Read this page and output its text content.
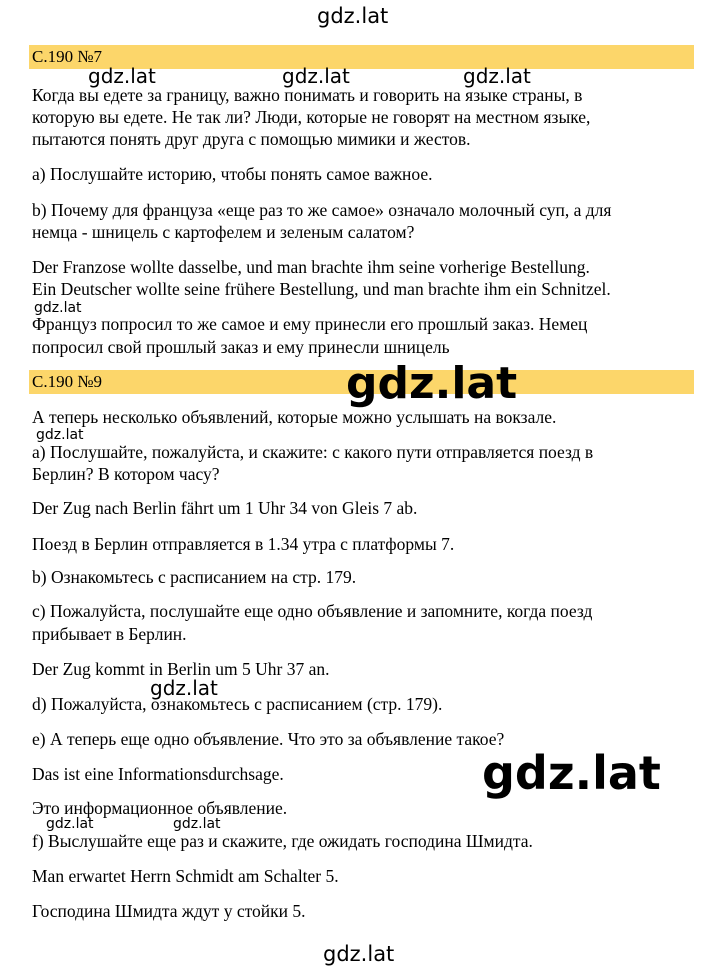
gdz.lat
С.190 №7
gdz.lat	gdz.lat	gdz.lat
Когда вы едете за границу, важно понимать и говорить на языке страны, в
которую вы едете. Не так ли? Люди, которые не говорят на местном языке,
пытаются понять друг друга с помощью мимики и жестов.
а) Послушайте историю, чтобы понять самое важное.
b) Почему для француза «еще раз то же самое» означало молочный суп, а для
немца - шницель с картофелем и зеленым салатом?
Der Franzose wollte dasselbe, und man brachte ihm seine vorherige Bestellung.
Ein Deutscher wollte seine frühere Bestellung, und man brachte ihm ein Schnitzel.
gdz.lat
Француз попросил то же самое и ему принесли его прошлый заказ. Немец
попросил свой прошлый заказ и ему принесли шницель
С.190 №9	gdz.lat
А теперь несколько объявлений, которые можно услышать на вокзале.
gdz.lat
а) Послушайте, пожалуйста, и скажите: с какого пути отправляется поезд в
Берлин? В котором часу?
Der Zug nach Berlin fährt um 1 Uhr 34 von Gleis 7 ab.
Поезд в Берлин отправляется в 1.34 утра с платформы 7.
b) Ознакомьтесь с расписанием на стр. 179.
с) Пожалуйста, послушайте еще одно объявление и запомните, когда поезд
прибывает в Берлин.
Der Zug kommt in Berlin um 5 Uhr 37 an.
gdz.lat
d) Пожалуйста, ознакомьтесь с расписанием (стр. 179).
е) А теперь еще одно объявление. Что это за объявление такое?
Das ist eine Informationsdurchsage.	gdz.lat
Это информационное объявление.
gdz.lat	gdz.lat
f) Выслушайте еще раз и скажите, где ожидать господина Шмидта.
Man erwartet Herrn Schmidt am Schalter 5.
Господина Шмидта ждут у стойки 5.
gdz.lat
